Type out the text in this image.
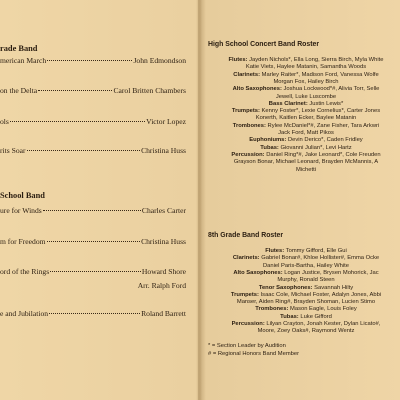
rade Band
merican March	John Edmondson
on the Delta	Carol Britten Chambers
ols	Victor Lopez
rits Soar	Christina Huss
School Band
ure for Winds	Charles Carter
m for Freedom	Christina Huss
ord of the Rings	Howard Shore
Arr. Ralph Ford
e and Jubilation	Roland Barrett
High School Concert Band Roster
Flutes: Jayden Nichols*, Ella Long, Sierra Birch, Myla White
Katie Viets, Haylee Matanin, Samantha Woods
Clarinets: Marley Raiter*, Madison Ford, Vanessa Wolfe
Morgan Fox, Hailey Birch
Alto Saxophones: Joshua Lockwood*#, Alivia Torr, Selle
Jewell, Luke Luscombe
Bass Clarinet: Justin Lewis*
Trumpets: Kenny Foster*, Lexie Cornelius*, Carter Jones
Konerth, Kaitlen Ecker, Baylee Matanin
Trombones: Rylee McDaniel*#, Zane Fisher, Tara Arkwri
Jack Ford, Matt Pikos
Euphoniums: Devin Derico*, Caden Fridley
Tubas: Giovanni Julian*, Levi Hartz
Percussion: Daniel Ring*#, Jake Leonard*, Cole Freuden
Grayson Bonar, Michael Leonard, Brayden McMannis, A
Michetti
8th Grade Band Roster
Flutes: Tommy Gifford, Elle Gui
Clarinets: Gabriel Bonar#, Khloe Hollister#, Emma Ocke
Daniel Paris-Bartha, Hailey White
Alto Saxophones: Logan Justice, Brysen Mohorick, Jac
Murphy, Ronald Steen
Tenor Saxophones: Savannah Hilty
Trumpets: Isaac Cole, Michael Foster, Adalyn Jones, Abbi
Manser, Aiden Ring#, Brayden Shoman, Lucien Stimo
Trombones: Mason Eagle, Louis Foley
Tubas: Luke Gifford
Percussion: Lilyan Crayton, Jonah Kester, Dylan Licato#,
Moore, Zoey Oaks#, Raymond Wentz
* = Section Leader by Audition
# = Regional Honors Band Member
